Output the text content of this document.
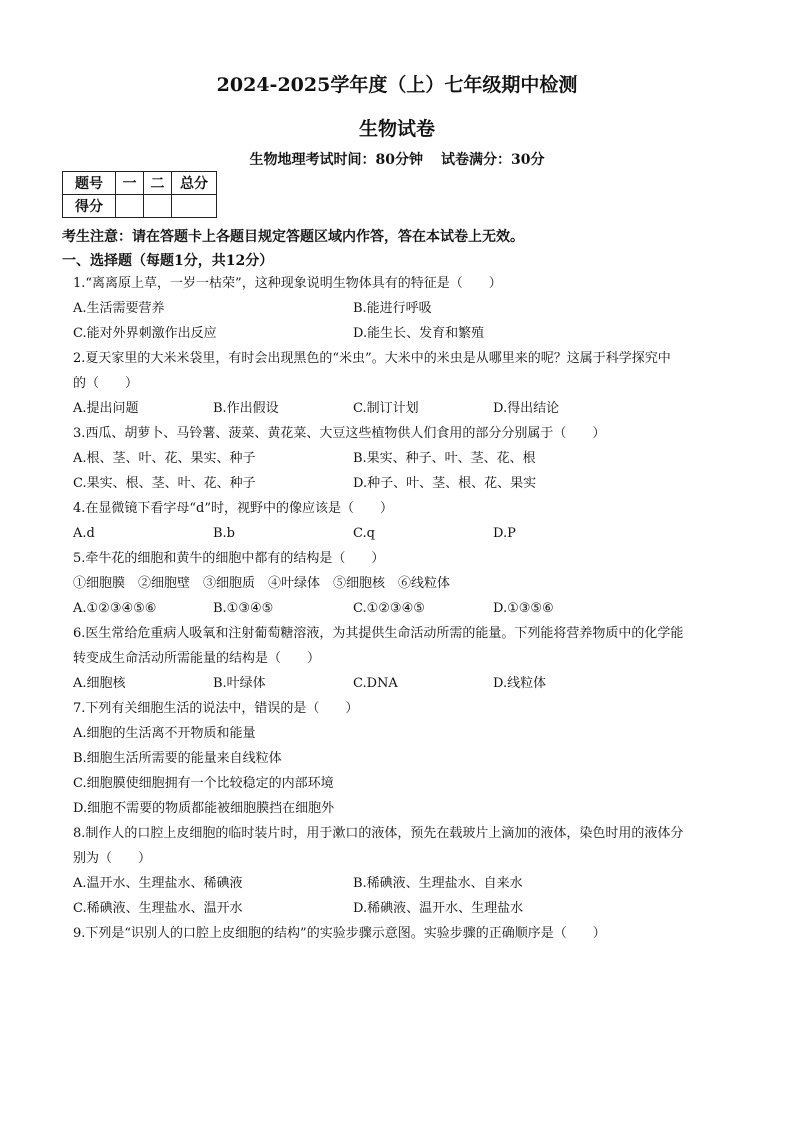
2024-2025学年度（上）七年级期中检测
生物试卷
生物地理考试时间：80分钟 试卷满分：30分
题号	一	二	总分
得分			
考生注意：请在答题卡上各题目规定答题区域内作答，答在本试卷上无效。
一、选择题（每题1分，共12分）
1.“离离原上草，一岁一枯荣”，这种现象说明生物体具有的特征是（　　）
A.生活需要营养	B.能进行呼吸
C.能对外界刺激作出反应	D.能生长、发育和繁殖
2.夏天家里的大米米袋里，有时会出现黑色的“米虫”。大米中的米虫是从哪里来的呢？这属于科学探究中
的（　　）
A.提出问题	B.作出假设	C.制订计划	D.得出结论
3.西瓜、胡萝卜、马铃薯、菠菜、黄花菜、大豆这些植物供人们食用的部分分别属于（　　）
A.根、茎、叶、花、果实、种子	B.果实、种子、叶、茎、花、根
C.果实、根、茎、叶、花、种子	D.种子、叶、茎、根、花、果实
4.在显微镜下看字母“d”时，视野中的像应该是（　　）
A.d	B.b	C.q	D.P
5.牵牛花的细胞和黄牛的细胞中都有的结构是（　　）
①细胞膜　②细胞壁　③细胞质　④叶绿体　⑤细胞核　⑥线粒体
A.①②③④⑤⑥	B.①③④⑤	C.①②③④⑤	D.①③⑤⑥
6.医生常给危重病人吸氧和注射葡萄糖溶液，为其提供生命活动所需的能量。下列能将营养物质中的化学能
转变成生命活动所需能量的结构是（　　）
A.细胞核	B.叶绿体	C.DNA	D.线粒体
7.下列有关细胞生活的说法中，错误的是（　　）
A.细胞的生活离不开物质和能量
B.细胞生活所需要的能量来自线粒体
C.细胞膜使细胞拥有一个比较稳定的内部环境
D.细胞不需要的物质都能被细胞膜挡在细胞外
8.制作人的口腔上皮细胞的临时装片时，用于漱口的液体，预先在载玻片上滴加的液体，染色时用的液体分
别为（　　）
A.温开水、生理盐水、稀碘液	B.稀碘液、生理盐水、自来水
C.稀碘液、生理盐水、温开水	D.稀碘液、温开水、生理盐水
9.下列是“识别人的口腔上皮细胞的结构”的实验步骤示意图。实验步骤的正确顺序是（　　）
